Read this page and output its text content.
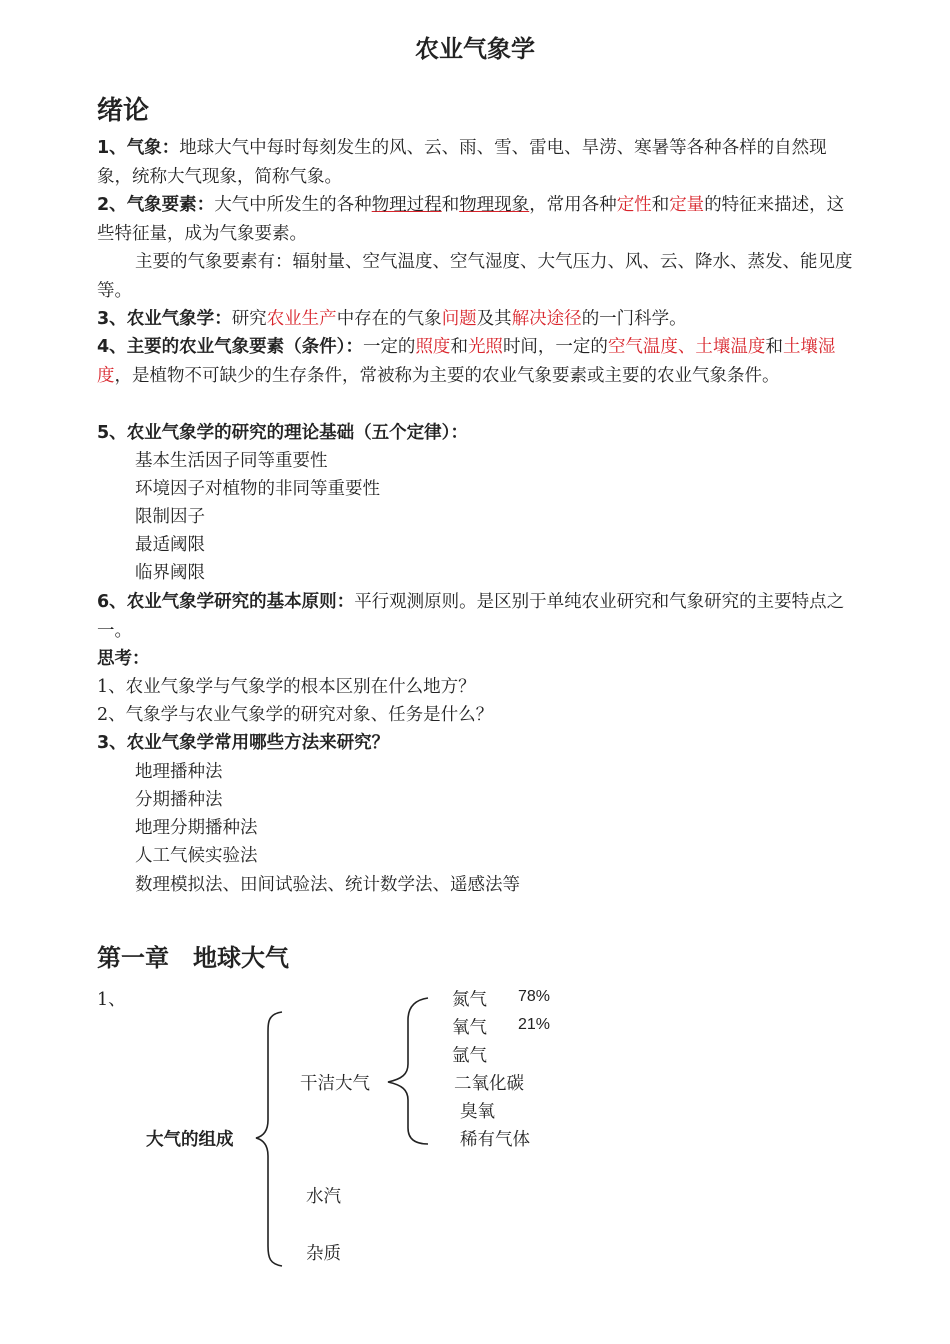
农业气象学
绪论
1、气象：地球大气中每时每刻发生的风、云、雨、雪、雷电、旱涝、寒暑等各种各样的自然现象，统称大气现象，简称气象。
2、气象要素：大气中所发生的各种物理过程和物理现象，常用各种定性和定量的特征来描述，这些特征量，成为气象要素。
主要的气象要素有：辐射量、空气温度、空气湿度、大气压力、风、云、降水、蒸发、能见度等。
3、农业气象学：研究农业生产中存在的气象问题及其解决途径的一门科学。
4、主要的农业气象要素（条件）：一定的照度和光照时间，一定的空气温度、土壤温度和土壤湿度，是植物不可缺少的生存条件，常被称为主要的农业气象要素或主要的农业气象条件。
5、农业气象学的研究的理论基础（五个定律）：
基本生活因子同等重要性
环境因子对植物的非同等重要性
限制因子
最适阈限
临界阈限
6、农业气象学研究的基本原则：平行观测原则。是区别于单纯农业研究和气象研究的主要特点之一。
思考：
1、农业气象学与气象学的根本区别在什么地方？
2、气象学与农业气象学的研究对象、任务是什么？
3、农业气象学常用哪些方法来研究？
地理播种法
分期播种法
地理分期播种法
人工气候实验法
数理模拟法、田间试验法、统计数学法、遥感法等
第一章　地球大气
1、
大气的组成
干洁大气
水汽
杂质
氮气 78%
氧气 21%
氩气
二氧化碳
臭氧
稀有气体
